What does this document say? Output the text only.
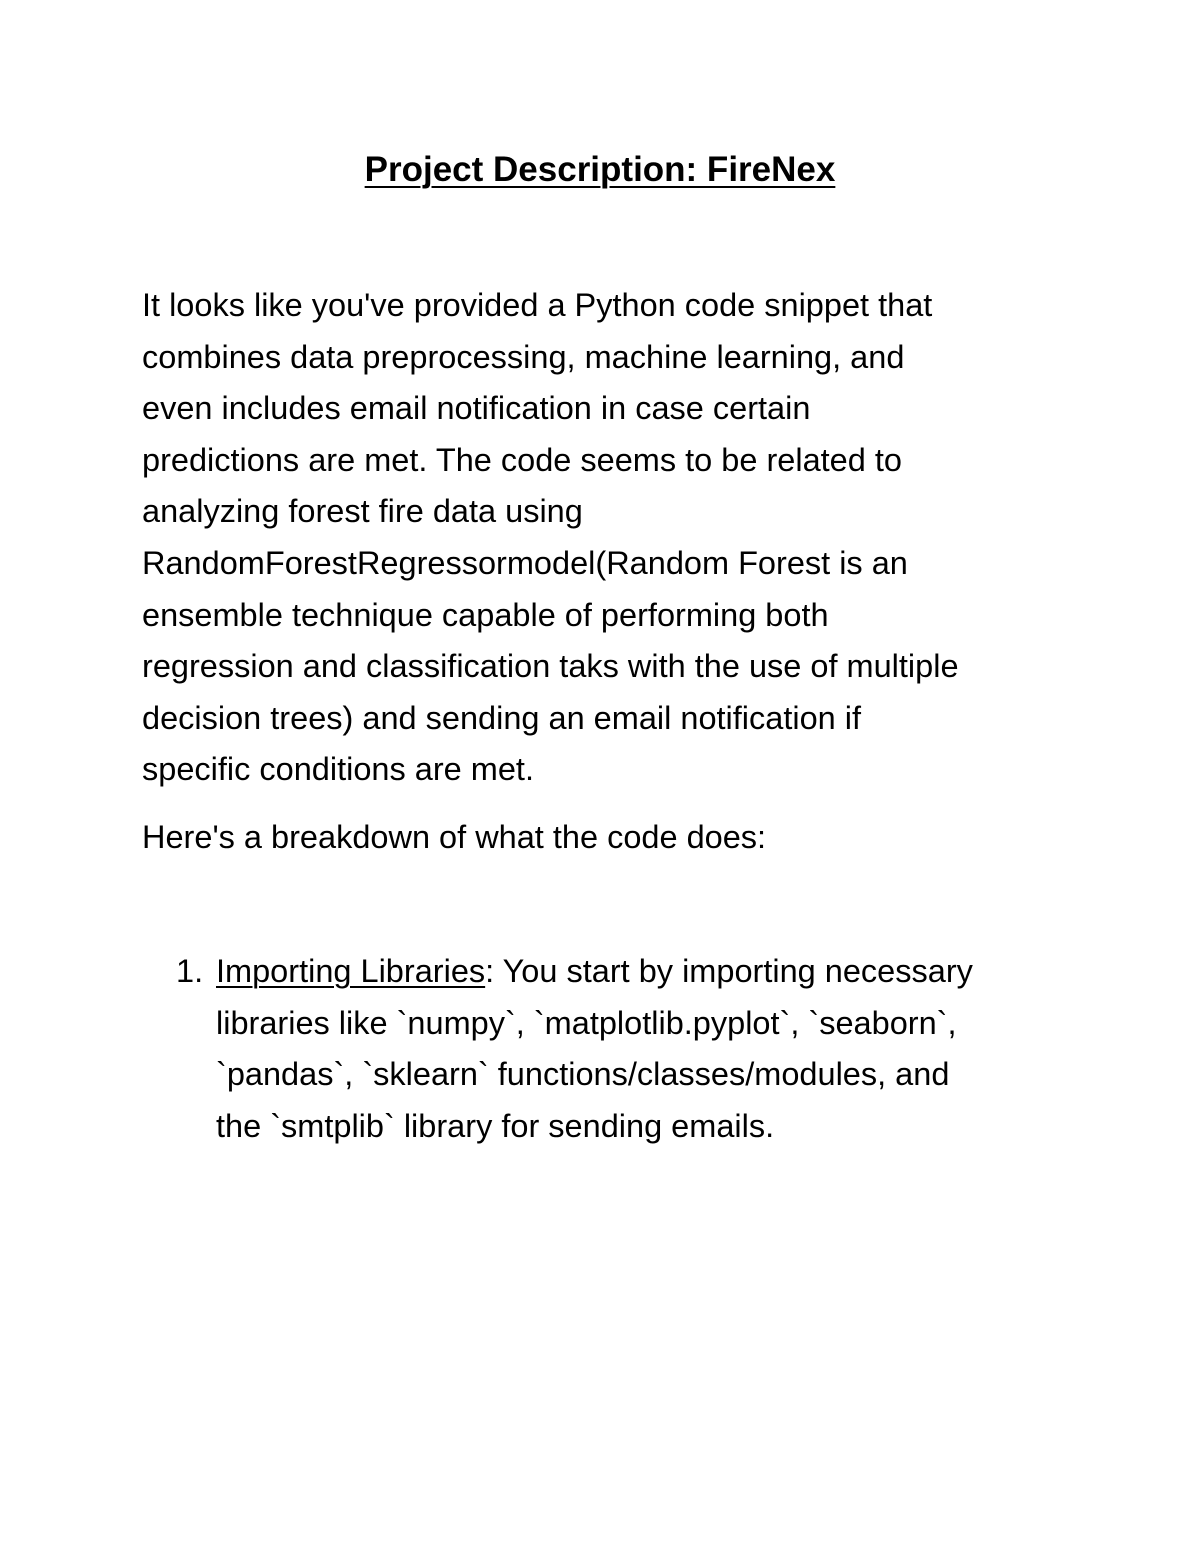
Project Description: FireNex

It looks like you've provided a Python code snippet that
combines data preprocessing, machine learning, and
even includes email notification in case certain
predictions are met. The code seems to be related to
analyzing forest fire data using
RandomForestRegressormodel(Random Forest is an
ensemble technique capable of performing both
regression and classification taks with the use of multiple
decision trees) and sending an email notification if
specific conditions are met.

Here's a breakdown of what the code does:

1. Importing Libraries: You start by importing necessary
libraries like `numpy`, `matplotlib.pyplot`, `seaborn`,
`pandas`, `sklearn` functions/classes/modules, and
the `smtplib` library for sending emails.
